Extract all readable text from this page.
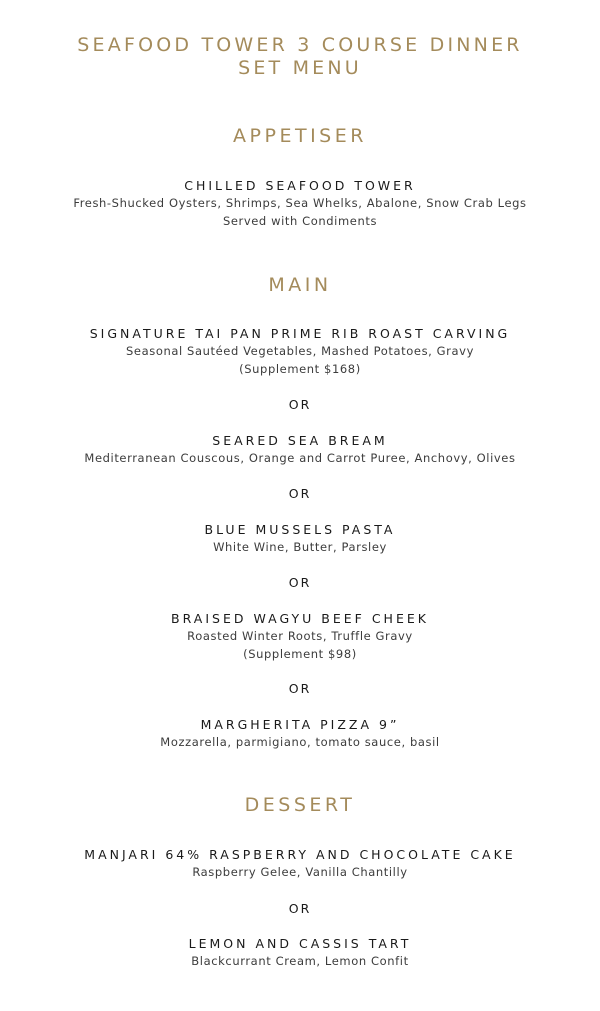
SEAFOOD TOWER 3 COURSE DINNER
SET MENU
APPETISER
CHILLED SEAFOOD TOWER
Fresh-Shucked Oysters, Shrimps, Sea Whelks, Abalone, Snow Crab Legs
Served with Condiments
MAIN
SIGNATURE TAI PAN PRIME RIB ROAST CARVING
Seasonal Sautéed Vegetables, Mashed Potatoes, Gravy
(Supplement $168)
OR
SEARED SEA BREAM
Mediterranean Couscous, Orange and Carrot Puree, Anchovy, Olives
OR
BLUE MUSSELS PASTA
White Wine, Butter, Parsley
OR
BRAISED WAGYU BEEF CHEEK
Roasted Winter Roots, Truffle Gravy
(Supplement $98)
OR
MARGHERITA PIZZA 9”
Mozzarella, parmigiano, tomato sauce, basil
DESSERT
MANJARI 64% RASPBERRY AND CHOCOLATE CAKE
Raspberry Gelee, Vanilla Chantilly
OR
LEMON AND CASSIS TART
Blackcurrant Cream, Lemon Confit
